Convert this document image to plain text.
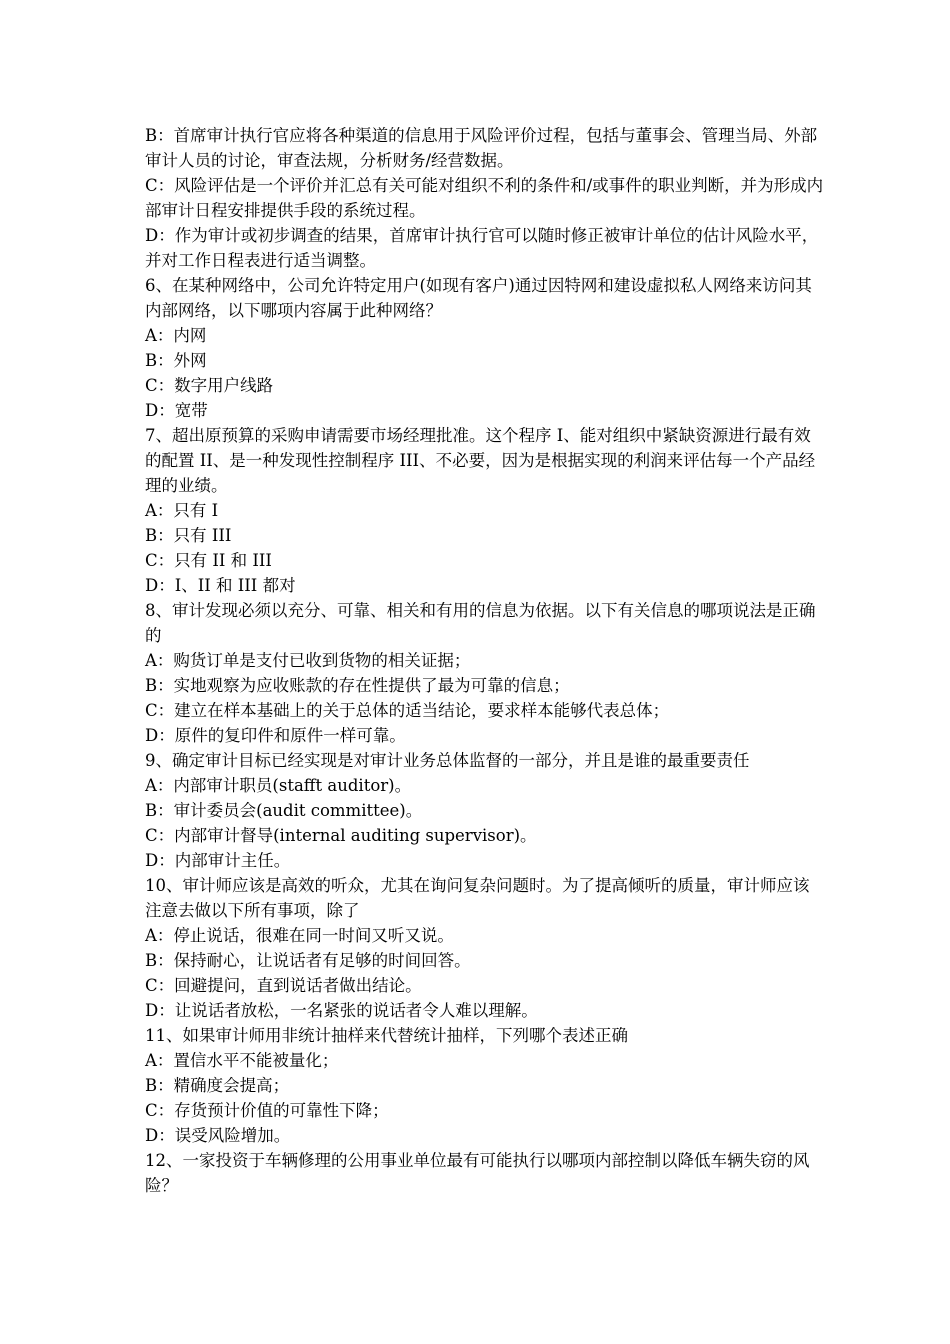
B：首席审计执行官应将各种渠道的信息用于风险评价过程，包括与董事会、管理当局、外部审计人员的讨论，审查法规，分析财务/经营数据。

C：风险评估是一个评价并汇总有关可能对组织不利的条件和/或事件的职业判断，并为形成内部审计日程安排提供手段的系统过程。

D：作为审计或初步调查的结果，首席审计执行官可以随时修正被审计单位的估计风险水平，并对工作日程表进行适当调整。

6、在某种网络中，公司允许特定用户(如现有客户)通过因特网和建设虚拟私人网络来访问其内部网络，以下哪项内容属于此种网络？

A：内网

B：外网

C：数字用户线路

D：宽带

7、超出原预算的采购申请需要市场经理批准。这个程序 I、能对组织中紧缺资源进行最有效的配置 II、是一种发现性控制程序 III、不必要，因为是根据实现的利润来评估每一个产品经理的业绩。

A：只有 I

B：只有 III

C：只有 II 和 III

D：I、II 和 III 都对

8、审计发现必须以充分、可靠、相关和有用的信息为依据。以下有关信息的哪项说法是正确的

A：购货订单是支付已收到货物的相关证据；

B：实地观察为应收账款的存在性提供了最为可靠的信息；

C：建立在样本基础上的关于总体的适当结论，要求样本能够代表总体；

D：原件的复印件和原件一样可靠。

9、确定审计目标已经实现是对审计业务总体监督的一部分，并且是谁的最重要责任

A：内部审计职员(stafft auditor)。

B：审计委员会(audit committee)。

C：内部审计督导(internal auditing supervisor)。

D：内部审计主任。

10、审计师应该是高效的听众，尤其在询问复杂问题时。为了提高倾听的质量，审计师应该注意去做以下所有事项，除了

A：停止说话，很难在同一时间又听又说。

B：保持耐心，让说话者有足够的时间回答。

C：回避提问，直到说话者做出结论。

D：让说话者放松，一名紧张的说话者令人难以理解。

11、如果审计师用非统计抽样来代替统计抽样，下列哪个表述正确

A：置信水平不能被量化；

B：精确度会提高；

C：存货预计价值的可靠性下降；

D：误受风险增加。

12、一家投资于车辆修理的公用事业单位最有可能执行以哪项内部控制以降低车辆失窃的风险？
